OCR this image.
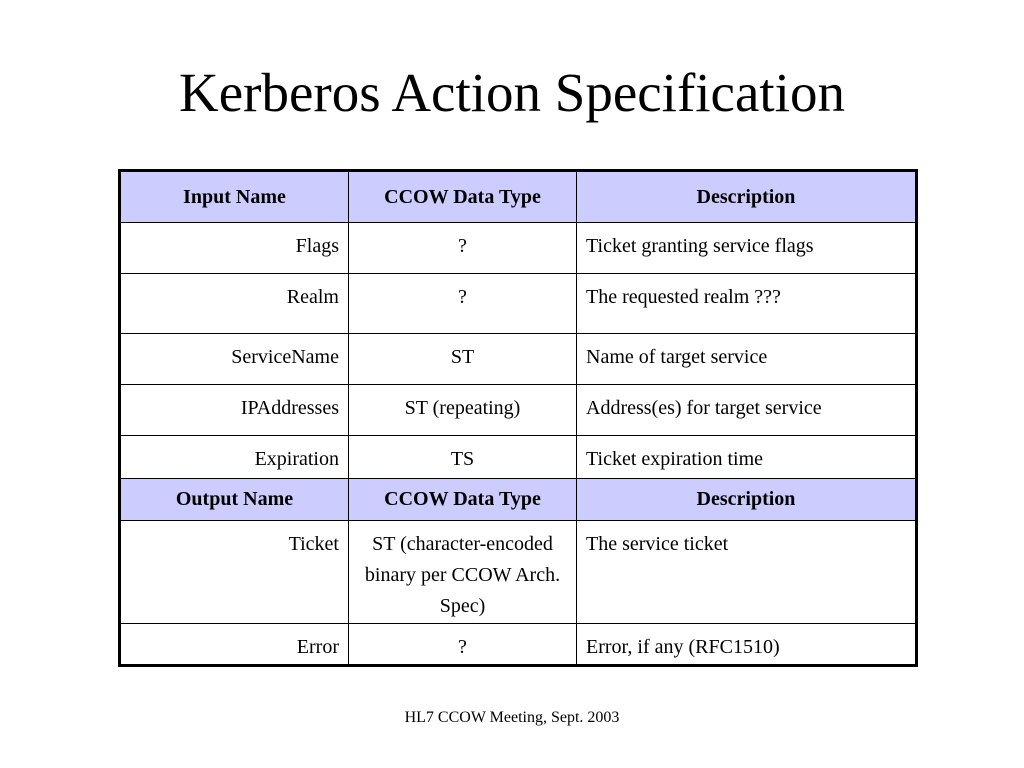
Kerberos Action Specification
Input Name	CCOW Data Type	Description
Flags	?	Ticket granting service flags
Realm	?	The requested realm ???
ServiceName	ST	Name of target service
IPAddresses	ST (repeating)	Address(es) for target service
Expiration	TS	Ticket expiration time
Output Name	CCOW Data Type	Description
Ticket	ST (character-encoded binary per CCOW Arch. Spec)	The service ticket
Error	?	Error, if any (RFC1510)
HL7 CCOW Meeting, Sept. 2003
